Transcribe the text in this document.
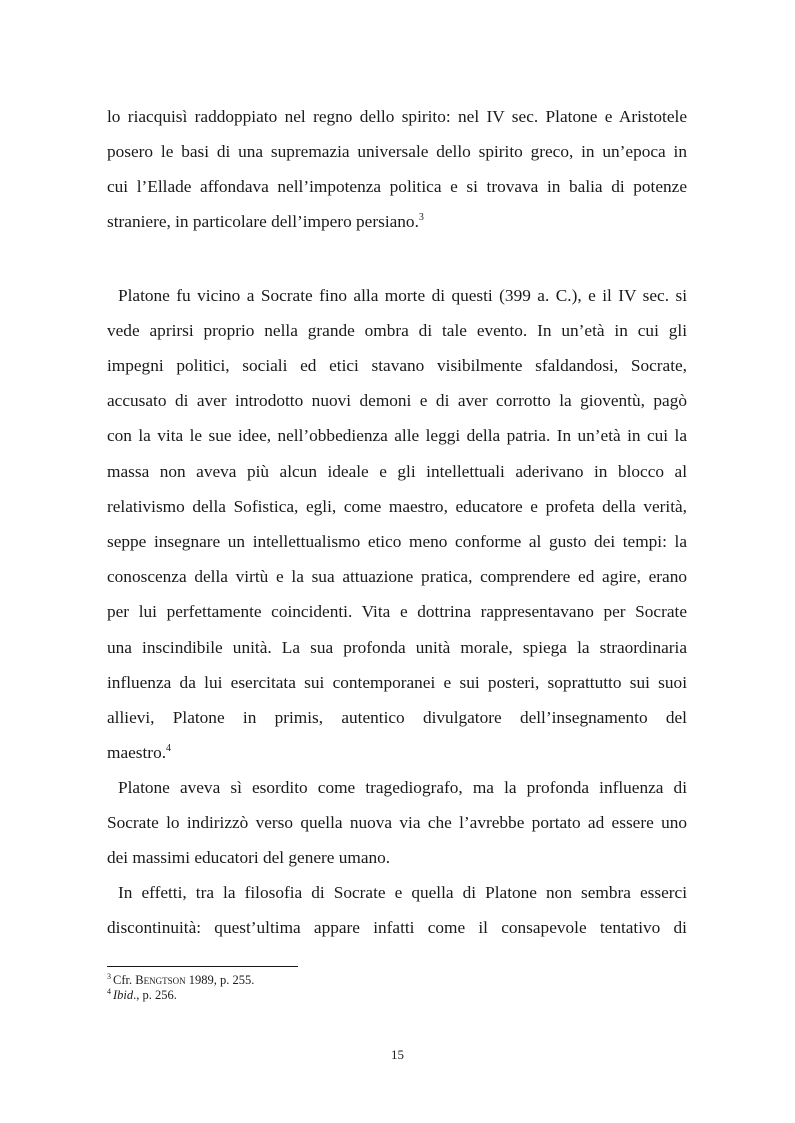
lo riacquisì raddoppiato nel regno dello spirito: nel IV sec. Platone e Aristotele
posero le basi di una supremazia universale dello spirito greco, in un’epoca in
cui l’Ellade affondava nell’impotenza politica e si trovava in balia di potenze
straniere, in particolare dell’impero persiano.$^3$
Platone fu vicino a Socrate fino alla morte di questi (399 a. C.), e il IV sec. si
vede aprirsi proprio nella grande ombra di tale evento. In un’età in cui gli
impegni politici, sociali ed etici stavano visibilmente sfaldandosi, Socrate,
accusato di aver introdotto nuovi demoni e di aver corrotto la gioventù, pagò
con la vita le sue idee, nell’obbedienza alle leggi della patria. In un’età in cui la
massa non aveva più alcun ideale e gli intellettuali aderivano in blocco al
relativismo della Sofistica, egli, come maestro, educatore e profeta della verità,
seppe insegnare un intellettualismo etico meno conforme al gusto dei tempi: la
conoscenza della virtù e la sua attuazione pratica, comprendere ed agire, erano
per lui perfettamente coincidenti. Vita e dottrina rappresentavano per Socrate
una inscindibile unità. La sua profonda unità morale, spiega la straordinaria
influenza da lui esercitata sui contemporanei e sui posteri, soprattutto sui suoi
allievi, Platone in primis, autentico divulgatore dell’insegnamento del
maestro.$^4$
Platone aveva sì esordito come tragediografo, ma la profonda influenza di
Socrate lo indirizzò verso quella nuova via che l’avrebbe portato ad essere uno
dei massimi educatori del genere umano.
In effetti, tra la filosofia di Socrate e quella di Platone non sembra esserci
discontinuità: quest’ultima appare infatti come il consapevole tentativo di
$^3$ Cfr. Bengtson 1989, p. 255.
$^4$ Ibid., p. 256.
15
